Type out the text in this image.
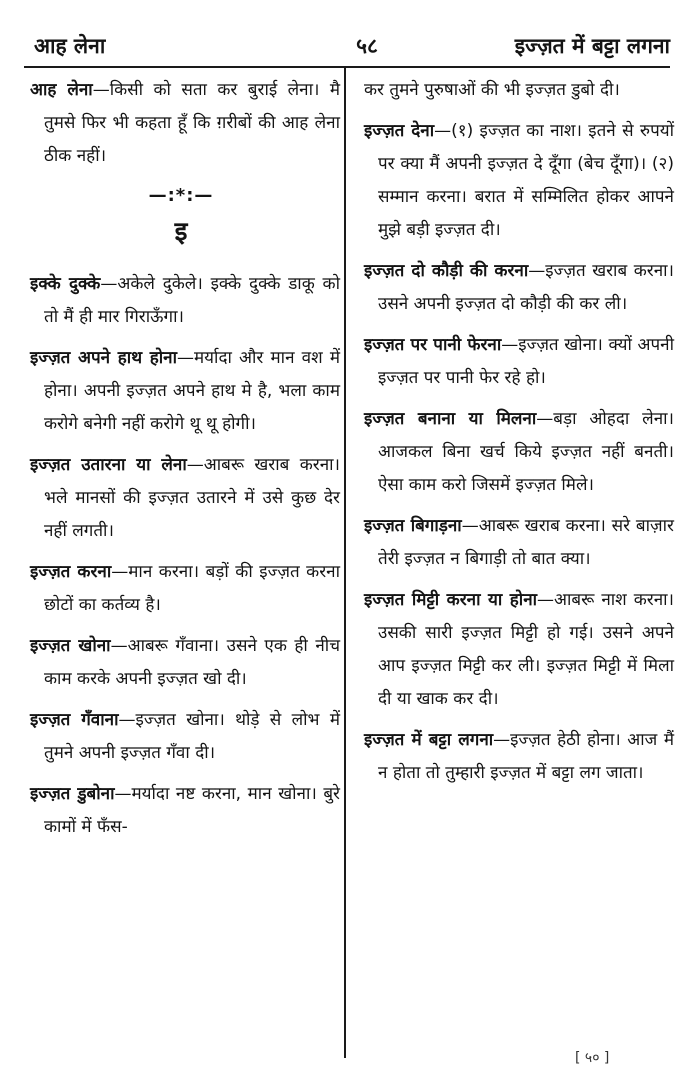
आह लेना	५८	इज्ज़त में बट्टा लगना
आह लेना—किसी को सता कर बुराई लेना। मै तुमसे फिर भी कहता हूँ कि ग़रीबों की आह लेना ठीक नहीं।
—:*:—
इ
इक्के दुक्के—अकेले दुकेले। इक्के दुक्के डाकू को तो मैं ही मार गिराऊँगा।
इज्ज़त अपने हाथ होना—मर्यादा और मान वश में होना। अपनी इज्ज़त अपने हाथ मे है, भला काम करोगे बनेगी नहीं करोगे थू थू होगी।
इज्ज़त उतारना या लेना—आबरू खराब करना। भले मानसों की इज्ज़त उतारने में उसे कुछ देर नहीं लगती।
इज्ज़त करना—मान करना। बड़ों की इज्ज़त करना छोटों का कर्तव्य है।
इज्ज़त खोना—आबरू गँवाना। उसने एक ही नीच काम करके अपनी इज्ज़त खो दी।
इज्ज़त गँवाना—इज्ज़त खोना। थोड़े से लोभ में तुमने अपनी इज्ज़त गँवा दी।
इज्ज़त डुबोना—मर्यादा नष्ट करना, मान खोना। बुरे कामों में फँस-
कर तुमने पुरुषाओं की भी इज्ज़त डुबो दी।
इज्ज़त देना—(१) इज्ज़त का नाश। इतने से रुपयों पर क्या मैं अपनी इज्ज़त दे दूँगा (बेच दूँगा)। (२) सम्मान करना। बरात में सम्मिलित होकर आपने मुझे बड़ी इज्ज़त दी।
इज्ज़त दो कौड़ी की करना—इज्ज़त खराब करना। उसने अपनी इज्ज़त दो कौड़ी की कर ली।
इज्ज़त पर पानी फेरना—इज्ज़त खोना। क्यों अपनी इज्ज़त पर पानी फेर रहे हो।
इज्ज़त बनाना या मिलना—बड़ा ओहदा लेना। आजकल बिना खर्च किये इज्ज़त नहीं बनती। ऐसा काम करो जिसमें इज्ज़त मिले।
इज्ज़त बिगाड़ना—आबरू खराब करना। सरे बाज़ार तेरी इज्ज़त न बिगाड़ी तो बात क्या।
इज्ज़त मिट्टी करना या होना—आबरू नाश करना। उसकी सारी इज्ज़त मिट्टी हो गई। उसने अपने आप इज्ज़त मिट्टी कर ली। इज्ज़त मिट्टी में मिला दी या खाक कर दी।
इज्ज़त में बट्टा लगना—इज्ज़त हेठी होना। आज मैं न होता तो तुम्हारी इज्ज़त में बट्टा लग जाता।
[ ५० ]
